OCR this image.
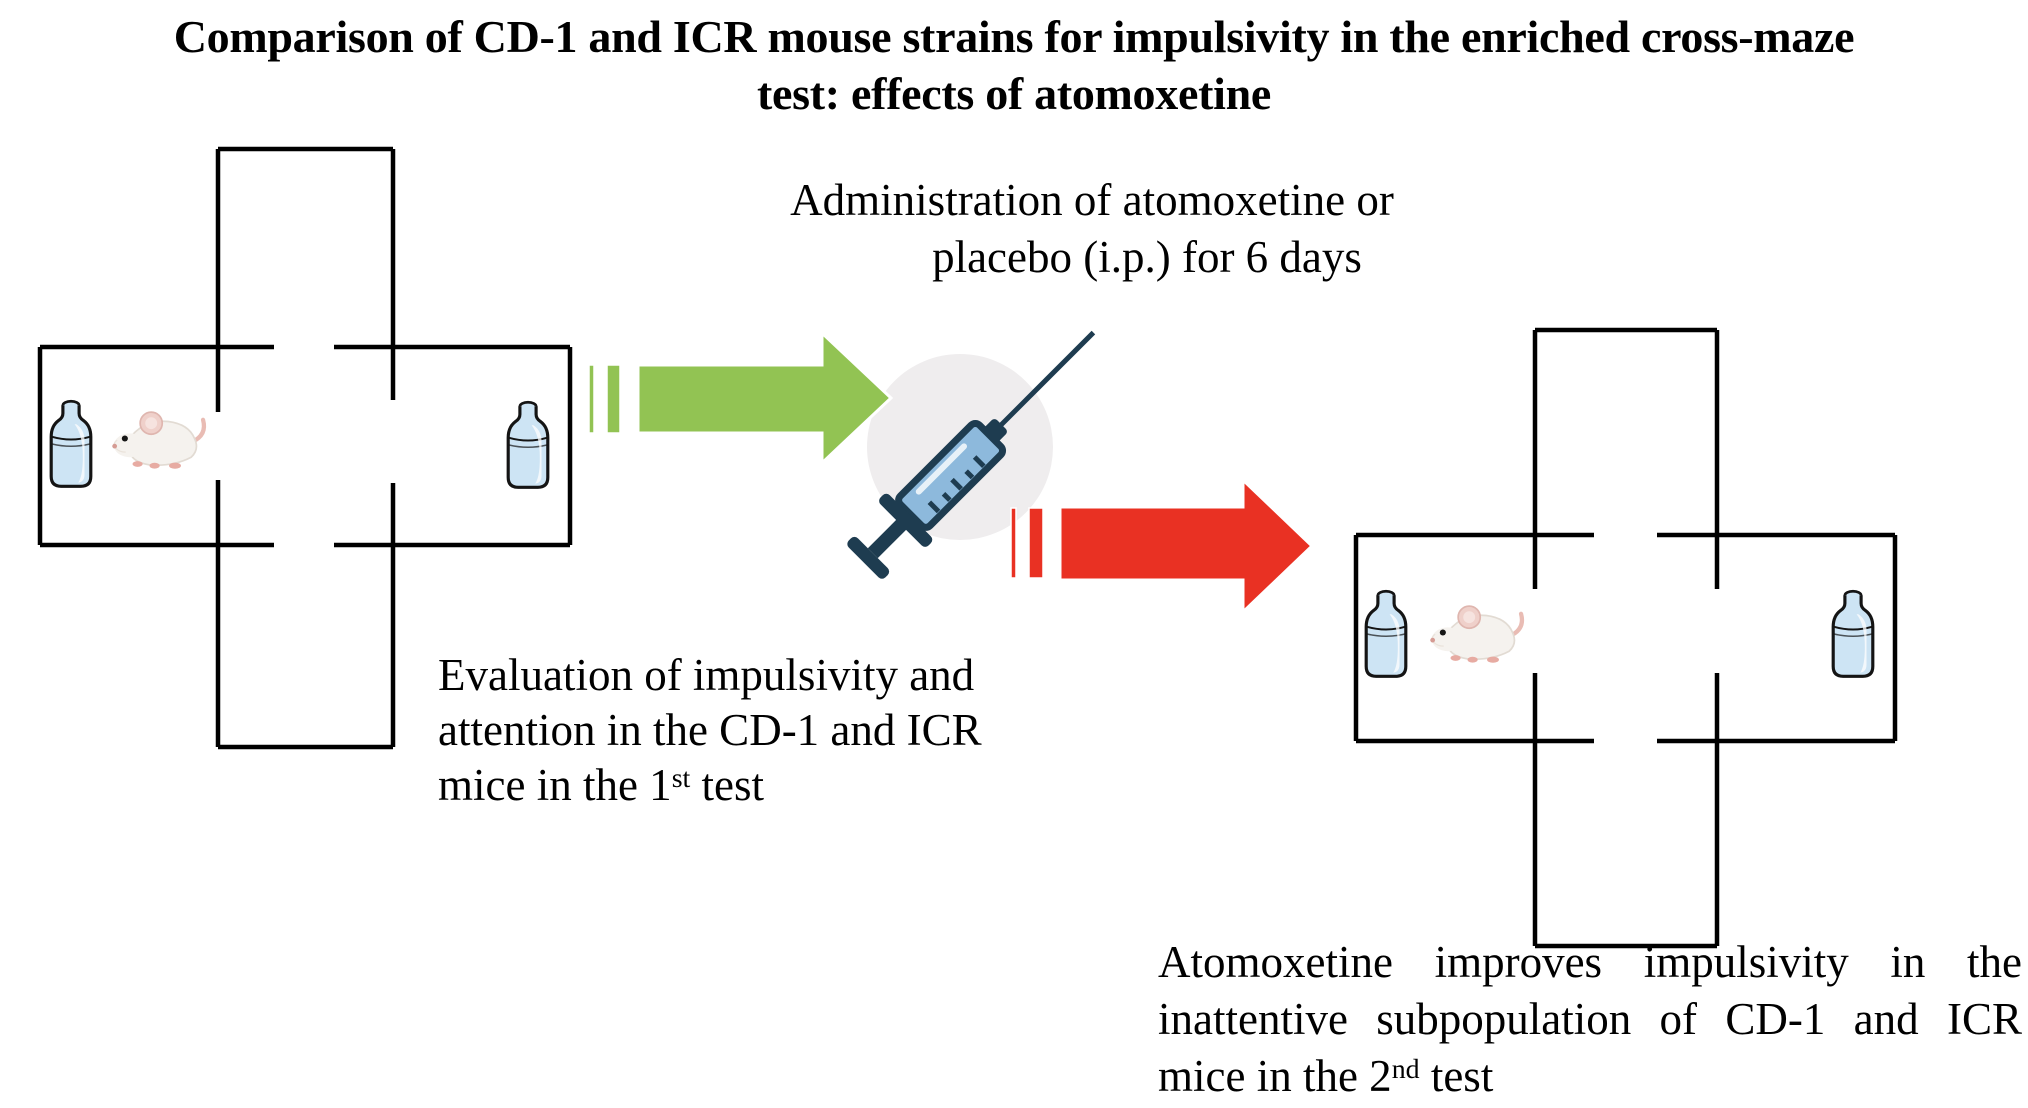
Comparison of CD-1 and ICR mouse strains for impulsivity in the enriched cross-maze
test: effects of atomoxetine
Administration of atomoxetine or
placebo (i.p.) for 6 days
Evaluation of impulsivity and
attention in the CD-1 and ICR
mice in the 1st test
Atomoxetine improves impulsivity in the
inattentive subpopulation of CD-1 and ICR
mice in the 2nd test
